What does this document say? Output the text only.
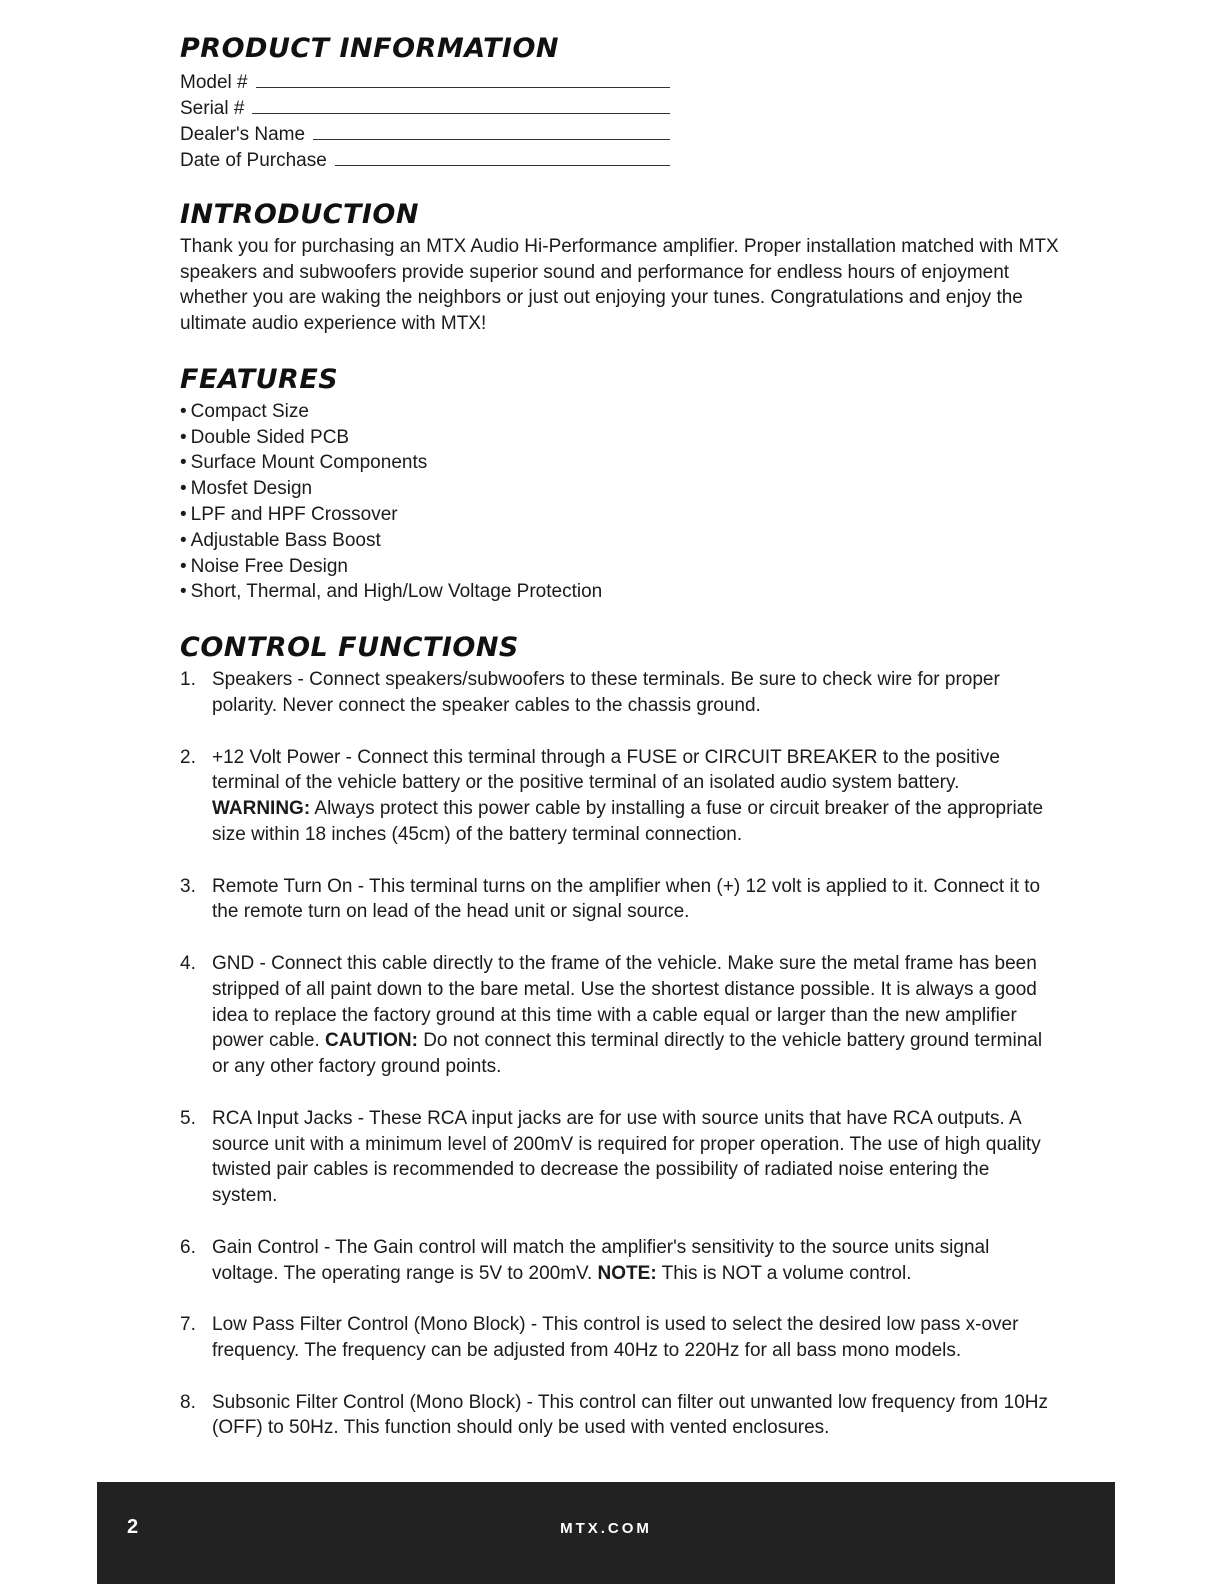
PRODUCT INFORMATION
Model #
Serial #
Dealer's Name
Date of Purchase
INTRODUCTION

Thank you for purchasing an MTX Audio Hi-Performance amplifier. Proper installation matched with MTX speakers and subwoofers provide superior sound and performance for endless hours of enjoyment whether you are waking the neighbors or just out enjoying your tunes. Congratulations and enjoy the ultimate audio experience with MTX!

FEATURES
• Compact Size
• Double Sided PCB
• Surface Mount Components
• Mosfet Design
• LPF and HPF Crossover
• Adjustable Bass Boost
• Noise Free Design
• Short, Thermal, and High/Low Voltage Protection
CONTROL FUNCTIONS
1. Speakers - Connect speakers/subwoofers to these terminals. Be sure to check wire for proper polarity. Never connect the speaker cables to the chassis ground.
2. +12 Volt Power - Connect this terminal through a FUSE or CIRCUIT BREAKER to the positive terminal of the vehicle battery or the positive terminal of an isolated audio system battery. WARNING: Always protect this power cable by installing a fuse or circuit breaker of the appropriate size within 18 inches (45cm) of the battery terminal connection.
3. Remote Turn On - This terminal turns on the amplifier when (+) 12 volt is applied to it. Connect it to the remote turn on lead of the head unit or signal source.
4. GND - Connect this cable directly to the frame of the vehicle. Make sure the metal frame has been stripped of all paint down to the bare metal. Use the shortest distance possible. It is always a good idea to replace the factory ground at this time with a cable equal or larger than the new amplifier power cable. CAUTION: Do not connect this terminal directly to the vehicle battery ground terminal or any other factory ground points.
5. RCA Input Jacks - These RCA input jacks are for use with source units that have RCA outputs. A source unit with a minimum level of 200mV is required for proper operation. The use of high quality twisted pair cables is recommended to decrease the possibility of radiated noise entering the system.
6. Gain Control - The Gain control will match the amplifier's sensitivity to the source units signal voltage. The operating range is 5V to 200mV. NOTE: This is NOT a volume control.
7. Low Pass Filter Control (Mono Block) - This control is used to select the desired low pass x-over frequency. The frequency can be adjusted from 40Hz to 220Hz for all bass mono models.
8. Subsonic Filter Control (Mono Block) - This control can filter out unwanted low frequency from 10Hz (OFF) to 50Hz. This function should only be used with vented enclosures.
2	MTX.COM
